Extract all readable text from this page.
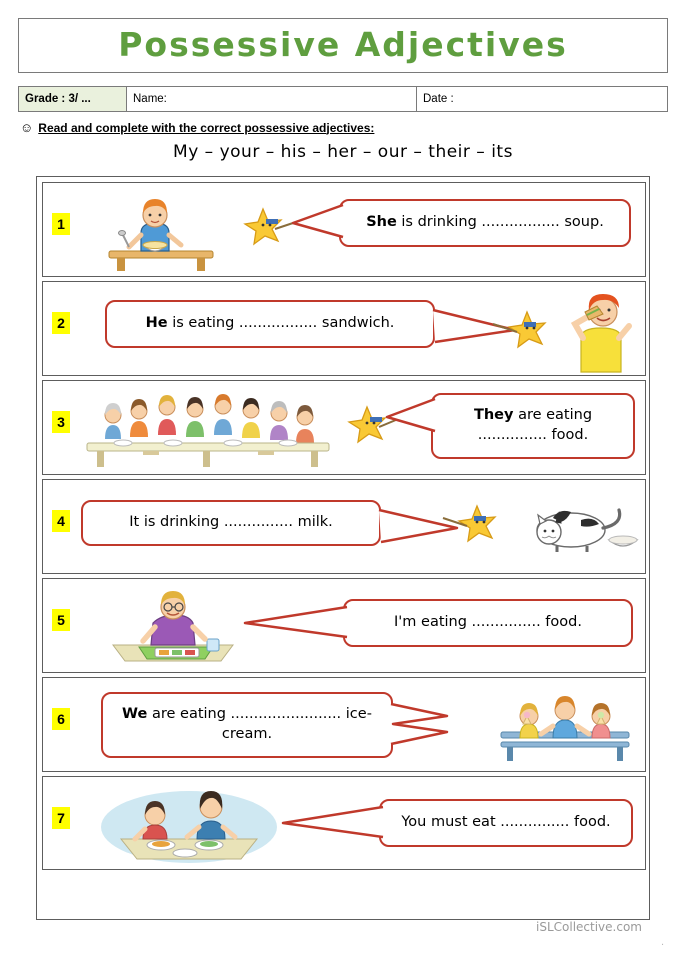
Possessive Adjectives
Grade : 3/ ...	Name:	Date :
☺ Read and complete with the correct possessive adjectives:
My – your – his – her – our – their – its
1	She is drinking ................. soup.
2	He is eating ................. sandwich.
3	They are eating ............... food.
4	It is drinking ............... milk.
5	I'm eating ............... food.
6	We are eating ........................ ice-cream.
7	You must eat ............... food.
iSLCollective.com
.
